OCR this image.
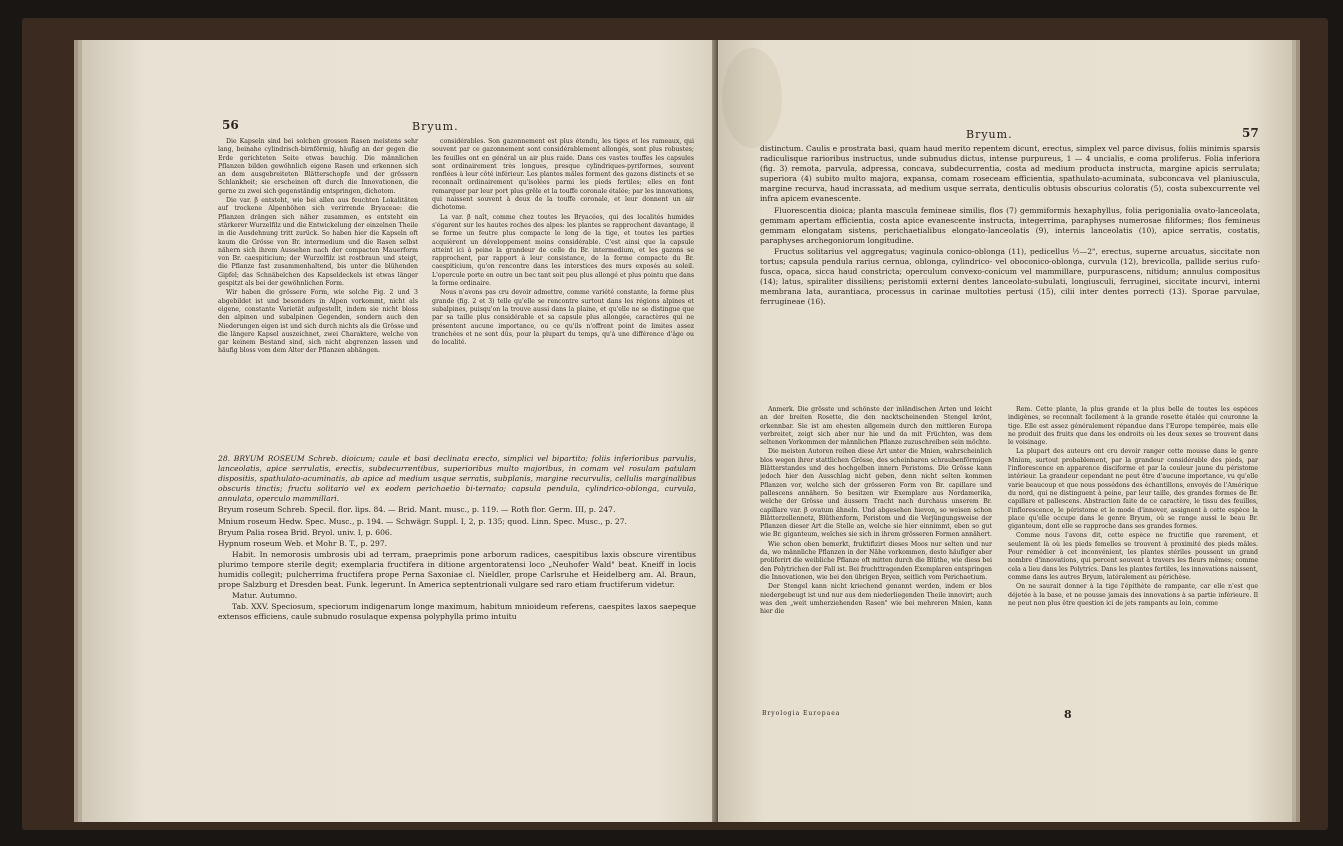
56	Bryum.

Die Kapseln sind bei solchen grossen Rasen meistens sehr lang, beinahe cylindrisch-birnförmig, häufig an der gegen die Erde gerichteten Seite etwas bauchig. Die männlichen Pflanzen bilden gewöhnlich eigene Rasen und erkennen sich an dem ausgebreiteten Blätterschopfe und der grössern Schlankheit; sie erscheinen oft durch die Innovationen, die gerne zu zwei sich gegenständig entspringen, dichotom.

Die var. β entsteht, wie bei allen aus feuchten Lokalitäten auf trockene Alpenhöhen sich verirrende Bryaceae: die Pflanzen drängen sich näher zusammen, es entsteht ein stärkerer Wurzelfilz und die Entwickelung der einzelnen Theile in die Ausdehnung tritt zurück. So haben hier die Kapseln oft kaum die Grösse von Br. intermedium und die Rasen selbst nähern sich ihrem Aussehen nach der compacten Mauerform von Br. caespiticium; der Wurzelfilz ist rostbraun und steigt, die Pflanze fast zusammenhaltend, bis unter die blühenden Gipfel; das Schnäbelchen des Kapseldeckels ist etwas länger gespitzt als bei der gewöhnlichen Form.

Wir haben die grössere Form, wie solche Fig. 2 und 3 abgebildet ist und besonders in Alpen vorkommt, nicht als eigene, constante Varietät aufgestellt, indem sie nicht bloss den alpinen und subalpinen Gegenden, sondern auch den Niederungen eigen ist und sich durch nichts als die Grösse und die längere Kapsel auszeichnet, zwei Charaktere, welche von gar keinem Bestand sind, sich nicht abgrenzen lassen und häufig bloss vom dem Alter der Pflanzen abhängen.

considérables. Son gazonnement est plus étendu, les tiges et les rameaux, qui souvent par ce gazonnement sont considérablement allongés, sont plus robustes; les feuilles ont en général un air plus raide. Dans ces vastes touffes les capsules sont ordinairement très longues, presque cylindriques-pyriformes, souvent renflées à leur côté inférieur. Les plantes mâles forment des gazons distincts et se reconnaît ordinairement qu'isolées parmi les pieds fertiles; elles en font remarquer par leur port plus grêle et la touffe coronale étalée; par les innovations, qui naissent souvent à deux de la touffe coronale, et leur donnent un air dichotome.

La var. β naît, comme chez toutes les Bryacées, qui des localités humides s'égarent sur les hautes roches des alpes: les plantes se rapprochent davantage, il se forme un feutre plus compacte le long de la tige, et toutes les parties acquièrent un développement moins considérable. C'est ainsi que la capsule atteint ici à peine la grandeur de celle du Br. intermedium, et les gazons se rapprochent, par rapport à leur consistance, de la forme compacte du Br. caespiticium, qu'on rencontre dans les interstices des murs exposés au soleil. L'opercule porte en outre un bec tant soit peu plus allongé et plus pointu que dans la forme ordinaire.

Nous n'avons pas cru devoir admettre, comme variété constante, la forme plus grande (fig. 2 et 3) telle qu'elle se rencontre surtout dans les régions alpines et subalpines, puisqu'on la trouve aussi dans la plaine, et qu'elle ne se distingue que par sa taille plus considérable et sa capsule plus allongée, caractères qui ne présentent aucune importance, ou ce qu'ils n'offrent point de limites assez tranchées et ne sont dûs, pour la plupart du temps, qu'à une différence d'âge ou de localité.

28. BRYUM ROSEUM Schreb. dioicum; caule et basi declinata erecto, simplici vel bipartito; foliis inferioribus parvulis, lanceolatis, apice serrulatis, erectis, subdecurrentibus, superioribus multo majoribus, in comam vel rosulam patulam dispositis, spathulato-acuminatis, ab apice ad medium usque serratis, subplanis, margine recurvulis, cellulis marginalibus obscuris tinctis; fructu solitario vel ex eodem perichaetio bi-ternato; capsula pendula, cylindrico-oblonga, curvula, annulata, operculo mammillari.

Bryum roseum Schreb. Specil. flor. lips. 84. — Brid. Mant. musc., p. 119. — Roth flor. Germ. III, p. 247.

Mnium roseum Hedw. Spec. Musc., p. 194. — Schwägr. Suppl. I, 2, p. 135; quod. Linn. Spec. Musc., p. 27.

Bryum Palia rosea Brid. Bryol. univ. I, p. 606.

Hypnum roseum Web. et Mohr B. T., p. 297.

Habit. In nemorosis umbrosis ubi ad terram, praeprimis pone arborum radices, caespitibus laxis obscure virentibus plurimo tempore sterile degit; exemplaria fructifera in ditione argentoratensi loco „Neuhofer Wald" beat. Kneiff in locis humidis collegit; pulcherrima fructifera prope Perna Saxoniae cl. Nieldler, prope Carlsruhe et Heidelberg am. Al. Braun, prope Salzburg et Dresden beat. Funk. legerunt. In America septentrionali vulgare sed raro etiam fructiferum videtur.

Matur. Autumno.

Tab. XXV. Speciosum, speciorum indigenarum longe maximum, habitum mnioideum referens, caespites laxos saepeque extensos efficiens, caule subnudo rosulaque expensa polyphylla primo intuitu

Bryum.	57

distinctum. Caulis e prostrata basi, quam haud merito repentem dicunt, erectus, simplex vel parce divisus, foliis minimis sparsis radiculisque rarioribus instructus, unde subnudus dictus, intense purpureus, 1 — 4 uncialis, e coma proliferus. Folia inferiora (fig. 3) remota, parvula, adpressa, concava, subdecurrentia, costa ad medium producta instructa, margine apicis serrulata; superiora (4) subito multo majora, expansa, comam roseceam efficientia, spathulato-acuminata, subconcava vel planiuscula, margine recurva, haud incrassata, ad medium usque serrata, denticulis obtusis obscurius coloratis (5), costa subexcurrente vel infra apicem evanescente.

Fluorescentia dioica; planta mascula femineae similis, flos (7) gemmiformis hexaphyllus, folia perigonialia ovato-lanceolata, gemmam apertam efficientia, costa apice evanescente instructa, integerrima, paraphyses numerosae filiformes; flos femineus gemmam elongatam sistens, perichaetialibus elongato-lanceolatis (9), internis lanceolatis (10), apice serratis, costatis, paraphyses archegoniorum longitudine.

Fructus solitarius vel aggregatus; vaginula conico-oblonga (11), pedicellus ½—2", erectus, superne arcuatus, siccitate non tortus; capsula pendula rarius cernua, oblonga, cylindrico- vel oboconico-oblonga, curvula (12), brevicolla, pallide serius rufo-fusca, opaca, sicca haud constricta; operculum convexo-conicum vel mammillare, purpurascens, nitidum; annulus compositus (14); latus, spiraliter dissiliens; peristomii externi dentes lanceolato-subulati, longiusculi, ferruginei, siccitate incurvi, interni membrana lata, aurantiaca, processus in carinae multoties pertusi (15), cilii inter dentes porrecti (13). Sporae parvulae, ferrugineae (16).

Anmerk. Die grösste und schönste der inländischen Arten und leicht an der breiten Rosette, die den nacktscheinenden Stengel krönt, erkennbar. Sie ist am ehesten allgemein durch den mittleren Europa verbreitet, zeigt sich aber nur hie und da mit Früchten, was dem seltenen Vorkommen der männlichen Pflanze zuzuschreiben sein möchte.

Die meisten Autoren reihen diese Art unter die Mnien, wahrscheinlich blos wegen ihrer stattlichen Grösse, des scheinbaren schraubenförmigen Blätterstandes und des hochgelben innern Peristoms. Die Grösse kann jedoch hier den Ausschlag nicht geben, denn nicht selten kommen Pflanzen vor, welche sich der grösseren Form von Br. capillare und pallescens annähern. So besitzen wir Exemplare aus Nordamerika, welche der Grösse und äussern Tracht nach durchaus unserem Br. capillare var. β ovatum ähneln. Und abgesehen hievon, so weisen schon Blätterzellennetz, Blüthenform, Peristom und die Verjüngungsweise der Pflanzen dieser Art die Stelle an, welche sie hier einnimmt, eben so gut wie Br. giganteum, welches sie sich in ihrem grösseren Formen annähert.

Wie schon oben bemerkt, fruktifizirt dieses Moos nur selten und nur da, wo männliche Pflanzen in der Nähe vorkommen, desto häufiger aber proliferirt die weibliche Pflanze oft mitten durch die Blüthe, wie diess bei den Polytrichen der Fall ist. Bei fruchttragenden Exemplaren entspringen die Innovationen, wie bei den übrigen Bryen, seitlich vom Perichaetium.

Der Stengel kann nicht kriechend genannt werden, indem er blos niedergebeugt ist und nur aus dem niederliegenden Theile innovirt; auch was den „weit umherziehenden Rasen" wie bei mehreren Mnien, kann hier die

Rem. Cette plante, la plus grande et la plus belle de toutes les espèces indigènes, se reconnaît facilement à la grande rosette étalée qui couronne la tige. Elle est assez généralement répandue dans l'Europe tempérée, mais elle ne produit des fruits que dans les endroits où les deux sexes se trouvent dans le voisinage.

La plupart des auteurs ont cru devoir ranger cette mousse dans le genre Mnium, surtout probablement, par la grandeur considérable des pieds, par l'inflorescence en apparence disciforme et par la couleur jaune du péristome intérieur. La grandeur cependant ne peut être d'aucune importance, vu qu'elle varie beaucoup et que nous possédons des échantillons, envoyés de l'Amérique du nord, qui ne distinguent à peine, par leur taille, des grandes formes de Br. capillare et pallescens. Abstraction faite de ce caractère, le tissu des feuilles, l'inflorescence, le péristome et le mode d'innover, assignent à cette espèce la place qu'elle occupe dans le genre Bryum, où se range aussi le beau Br. giganteum, dont elle se rapproche dans ses grandes formes.

Comme nous l'avons dit, cette espèce ne fructifie que rarement, et seulement là où les pieds femelles se trouvent à proximité des pieds mâles. Pour remédier à cet inconvénient, les plantes stériles poussent un grand nombre d'innovations, qui percent souvent à travers les fleurs mêmes; comme cela a lieu dans les Polytrics. Dans les plantes fertiles, les innovations naissent, comme dans les autres Bryum, latéralement au périchèse.

On ne saurait donner à la tige l'épithète de rampante, car elle n'est que déjetée à la base, et ne pousse jamais des innovations à sa partie inférieure. Il ne peut non plus être question ici de jets rampants au loin, comme

Bryologia Europaea	8
